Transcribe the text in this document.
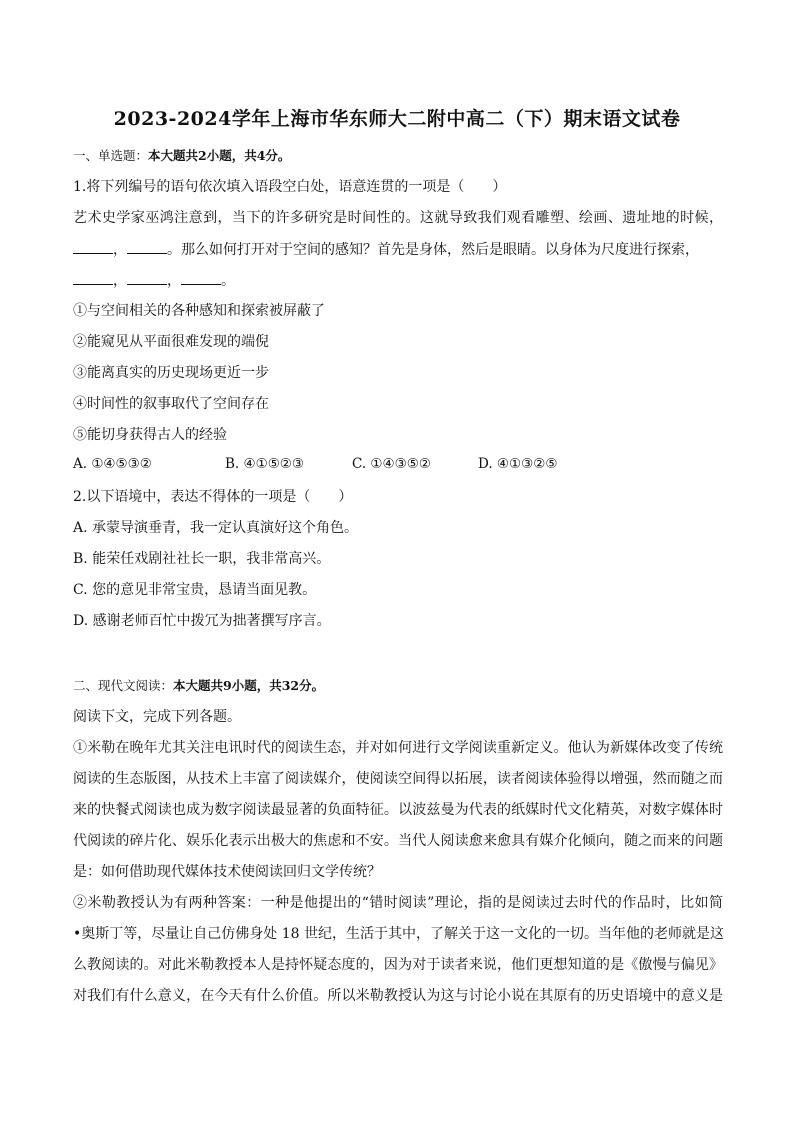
2023-2024学年上海市华东师大二附中高二（下）期末语文试卷
一、单选题：本大题共2小题，共4分。
1.将下列编号的语句依次填入语段空白处，语意连贯的一项是（　　）
艺术史学家巫鸿注意到，当下的许多研究是时间性的。这就导致我们观看雕塑、绘画、遗址地的时候，
，	。那么如何打开对于空间的感知？首先是身体，然后是眼睛。以身体为尺度进行探索，
，	，	。
①与空间相关的各种感知和探索被屏蔽了
②能窥见从平面很难发现的端倪
③能离真实的历史现场更近一步
④时间性的叙事取代了空间存在
⑤能切身获得古人的经验
A. ①④⑤③②	B. ④①⑤②③	C. ①④③⑤②	D. ④①③②⑤
2.以下语境中，表达不得体的一项是（　　）
A. 承蒙导演垂青，我一定认真演好这个角色。
B. 能荣任戏剧社社长一职，我非常高兴。
C. 您的意见非常宝贵，恳请当面见教。
D. 感谢老师百忙中拨冗为拙著撰写序言。
二、现代文阅读：本大题共9小题，共32分。
阅读下文，完成下列各题。
①米勒在晚年尤其关注电讯时代的阅读生态，并对如何进行文学阅读重新定义。他认为新媒体改变了传统
阅读的生态版图，从技术上丰富了阅读媒介，使阅读空间得以拓展，读者阅读体验得以增强，然而随之而
来的快餐式阅读也成为数字阅读最显著的负面特征。以波兹曼为代表的纸媒时代文化精英，对数字媒体时
代阅读的碎片化、娱乐化表示出极大的焦虑和不安。当代人阅读愈来愈具有媒介化倾向，随之而来的问题
是：如何借助现代媒体技术使阅读回归文学传统？
②米勒教授认为有两种答案：一种是他提出的“错时阅读”理论，指的是阅读过去时代的作品时，比如简
•奥斯丁等，尽量让自己仿佛身处 18 世纪，生活于其中，了解关于这一文化的一切。当年他的老师就是这
么教阅读的。对此米勒教授本人是持怀疑态度的，因为对于读者来说，他们更想知道的是《傲慢与偏见》
对我们有什么意义，在今天有什么价值。所以米勒教授认为这与讨论小说在其原有的历史语境中的意义是
